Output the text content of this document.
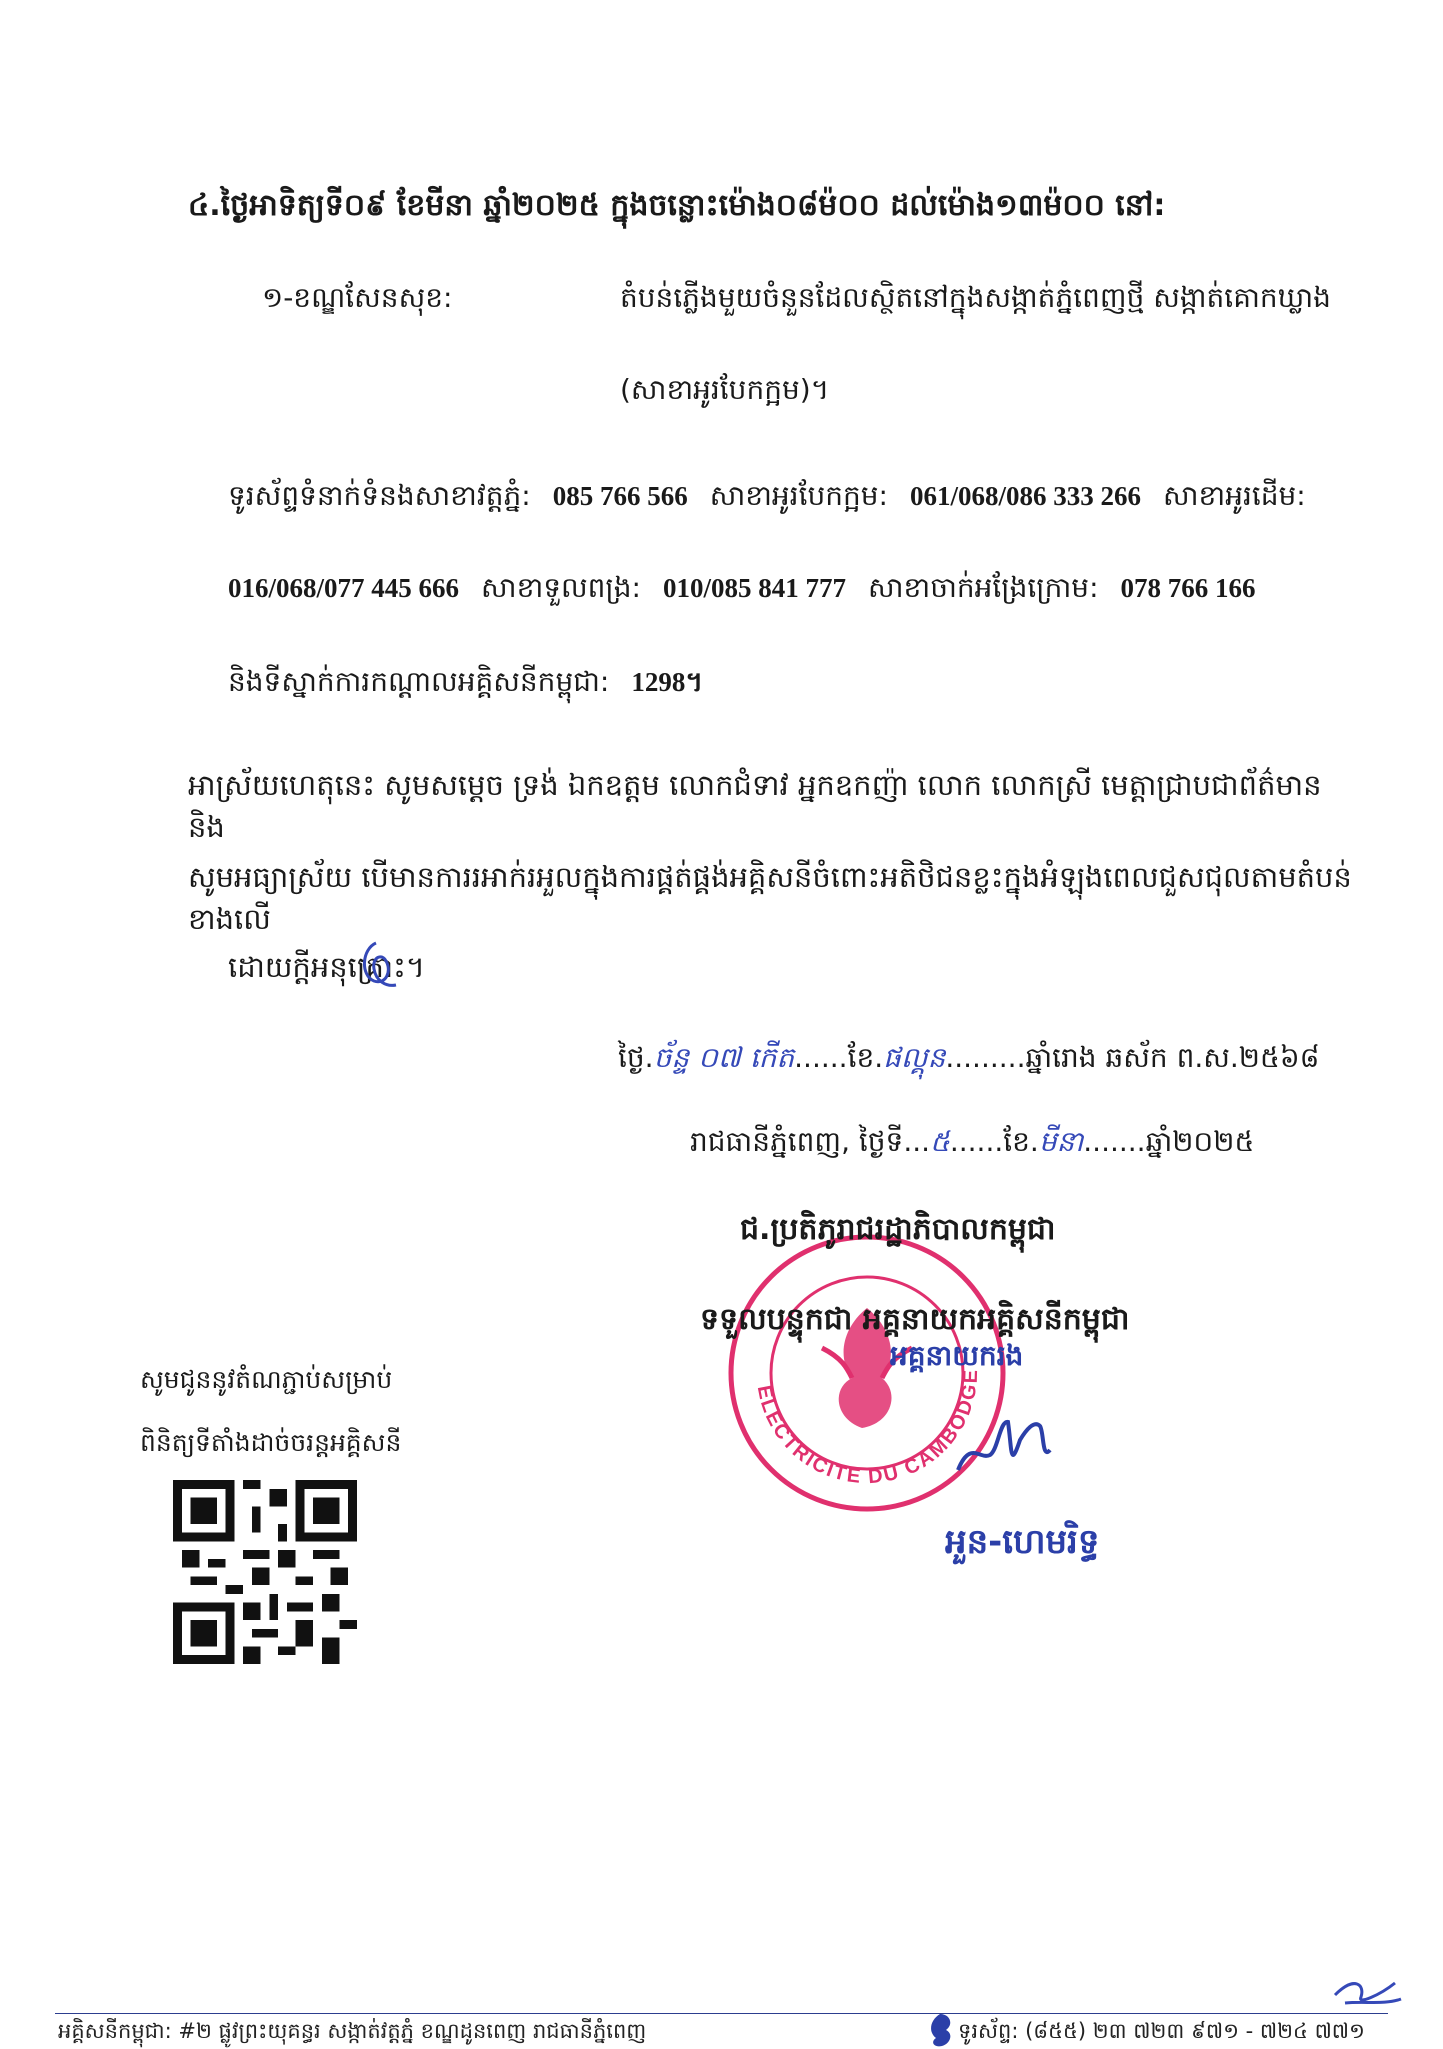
៤.ថ្ងៃអាទិត្យទី០៩ ខែមីនា ឆ្នាំ២០២៥ ក្នុងចន្លោះម៉ោង០៨ម៉០០ ដល់ម៉ោង១៣ម៉០០ នៅ:
១-ខណ្ឌសែនសុខ:	តំបន់ភ្លើងមួយចំនួនដែលស្ថិតនៅក្នុងសង្កាត់ភ្នំពេញថ្មី សង្កាត់គោកឃ្លាង
(សាខាអូរបែកក្អម)។
ទូរស័ព្ទទំនាក់ទំនងសាខាវត្តភ្នំ: 085 766 566 សាខាអូរបែកក្អម: 061/068/086 333 266 សាខាអូរដើម:
016/068/077 445 666 សាខាទួលពង្រ: 010/085 841 777 សាខាចាក់អង្រែក្រោម: 078 766 166
និងទីស្នាក់ការកណ្តាលអគ្គិសនីកម្ពុជា: 1298។
អាស្រ័យហេតុនេះ សូមសម្តេច ទ្រង់ ឯកឧត្តម លោកជំទាវ អ្នកឧកញ៉ា លោក លោកស្រី មេត្តាជ្រាបជាព័ត៌មាន និង
សូមអធ្យាស្រ័យ បើមានការរអាក់រអួលក្នុងការផ្គត់ផ្គង់អគ្គិសនីចំពោះអតិថិជនខ្លះក្នុងអំឡុងពេលជួសជុលតាមតំបន់ខាងលើ
ដោយក្តីអនុគ្រោះ។
ថ្ងៃ.ច័ន្ទ ០៧ កើត......ខែ.ផល្គុន.........ឆ្នាំរោង ឆស័ក ព.ស.២៥៦៨
រាជធានីភ្នំពេញ, ថ្ងៃទី...៥......ខែ.មីនា.......ឆ្នាំ២០២៥
ELECTRICITE DU CAMBODGE
ជ.ប្រតិភូរាជរដ្ឋាភិបាលកម្ពុជា
ទទួលបន្ទុកជា អគ្គនាយកអគ្គិសនីកម្ពុជា
អគ្គនាយករង
អួន-ហេមរិទ្ធ
សូមជូននូវតំណភ្ជាប់សម្រាប់
ពិនិត្យទីតាំងដាច់ចរន្តអគ្គិសនី
អគ្គិសនីកម្ពុជា: #២ ផ្លូវព្រះយុគន្ធរ សង្កាត់វត្តភ្នំ ខណ្ឌដូនពេញ រាជធានីភ្នំពេញ	ទូរស័ព្ទ: (៨៥៥) ២៣ ៧២៣ ៩៧១ - ៧២៤ ៧៧១
